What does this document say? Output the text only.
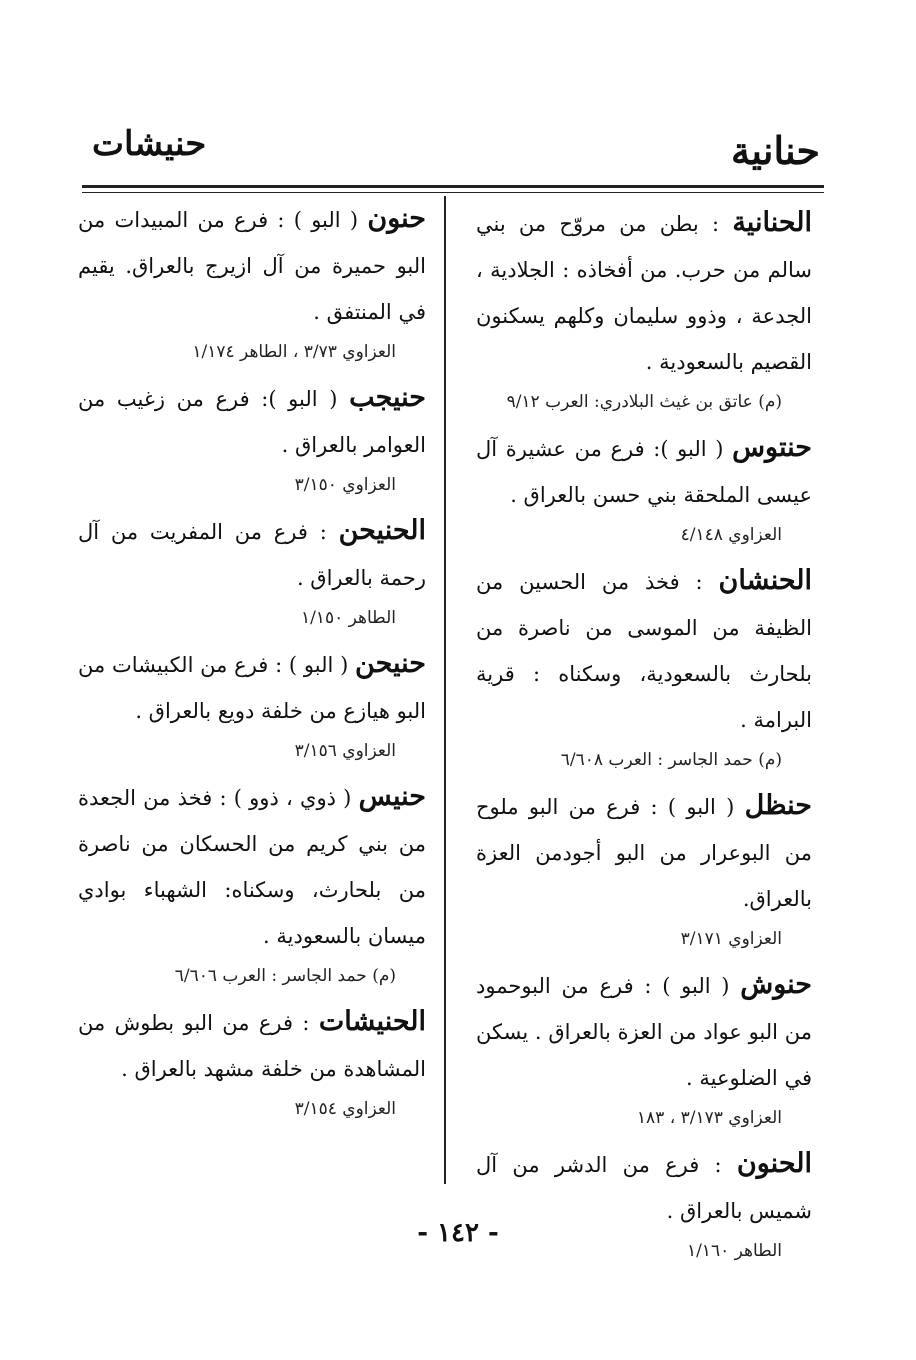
حنانية
حنيشات
الحنانية : بطن من مروّح من بني سالم من حرب. من أفخاذه : الجلادية ، الجدعة ، وذوو سليمان وكلهم يسكنون القصيم بالسعودية .
(م) عاتق بن غيث البلادري: العرب ٩/١٢
حنتوس ( البو ): فرع من عشيرة آل عيسى الملحقة بني حسن بالعراق .
العزاوي ٤/١٤٨
الحنشان : فخذ من الحسين من الظيفة من الموسى من ناصرة من بلحارث بالسعودية، وسكناه : قرية البرامة .
(م) حمد الجاسر : العرب ٦/٦٠٨
حنظل ( البو ) : فرع من البو ملوح من البوعرار من البو أجودمن العزة بالعراق.
العزاوي ٣/١٧١
حنوش ( البو ) : فرع من البوحمود من البو عواد من العزة بالعراق . يسكن في الضلوعية .
العزاوي ٣/١٧٣ ، ١٨٣
الحنون : فرع من الدشر من آل شميس بالعراق .
الطاهر ١/١٦٠
حنون ( البو ) : فرع من المبيدات من البو حميرة من آل ازيرج بالعراق. يقيم في المنتفق .
العزاوي ٣/٧٣ ، الطاهر ١/١٧٤
حنيجب ( البو ): فرع من زغيب من العوامر بالعراق .
العزاوي ٣/١٥٠
الحنيحن : فرع من المفريت من آل رحمة بالعراق .
الطاهر ١/١٥٠
حنيحن ( البو ) : فرع من الكبيشات من البو هيازع من خلفة دويع بالعراق .
العزاوي ٣/١٥٦
حنيس ( ذوي ، ذوو ) : فخذ من الجعدة من بني كريم من الحسكان من ناصرة من بلحارث، وسكناه: الشهباء بوادي ميسان بالسعودية .
(م) حمد الجاسر : العرب ٦/٦٠٦
الحنيشات : فرع من البو بطوش من المشاهدة من خلفة مشهد بالعراق .
العزاوي ٣/١٥٤
- ١٤٢ -
